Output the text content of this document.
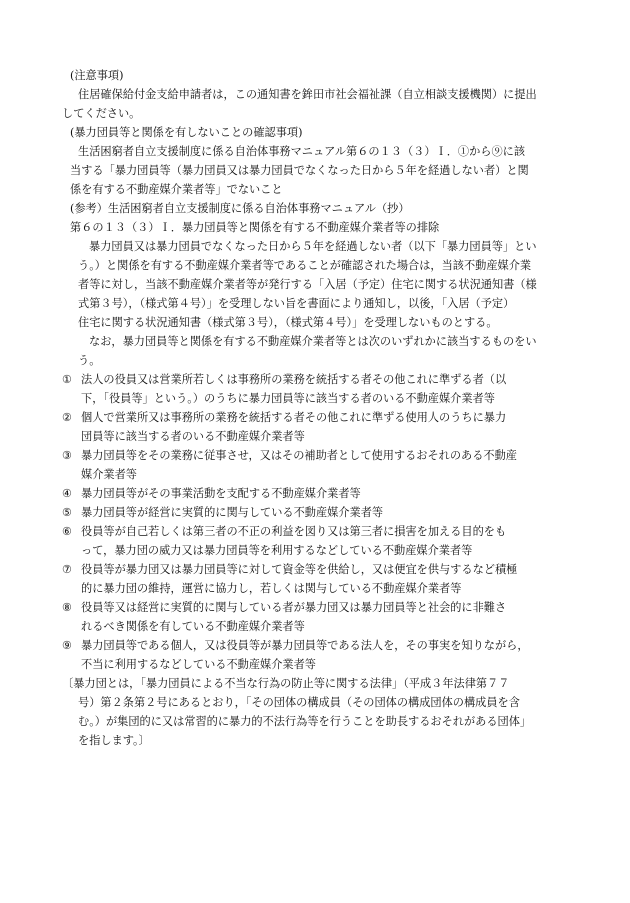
(注意事項)
住居確保給付金支給申請者は，この通知書を鉾田市社会福祉課（自立相談支援機関）に提出
してください。
(暴力団員等と関係を有しないことの確認事項)
生活困窮者自立支援制度に係る自治体事務マニュアル第６の１３（３）Ｉ．①から⑨に該
当する「暴力団員等（暴力団員又は暴力団員でなくなった日から５年を経過しない者）と関
係を有する不動産媒介業者等」でないこと
(参考）生活困窮者自立支援制度に係る自治体事務マニュアル（抄）
第６の１３（３）Ｉ．暴力団員等と関係を有する不動産媒介業者等の排除
暴力団員又は暴力団員でなくなった日から５年を経過しない者（以下「暴力団員等」とい
う。）と関係を有する不動産媒介業者等であることが確認された場合は，当該不動産媒介業
者等に対し，当該不動産媒介業者等が発行する「入居（予定）住宅に関する状況通知書（様
式第３号），（様式第４号）」を受理しない旨を書面により通知し，以後，「入居（予定）
住宅に関する状況通知書（様式第３号），（様式第４号）」を受理しないものとする。
なお，暴力団員等と関係を有する不動産媒介業者等とは次のいずれかに該当するものをい
う。
① 法人の役員又は営業所若しくは事務所の業務を統括する者その他これに準ずる者（以
下，「役員等」という。）のうちに暴力団員等に該当する者のいる不動産媒介業者等
② 個人で営業所又は事務所の業務を統括する者その他これに準ずる使用人のうちに暴力
団員等に該当する者のいる不動産媒介業者等
③ 暴力団員等をその業務に従事させ，又はその補助者として使用するおそれのある不動産
媒介業者等
④ 暴力団員等がその事業活動を支配する不動産媒介業者等
⑤ 暴力団員等が経営に実質的に関与している不動産媒介業者等
⑥ 役員等が自己若しくは第三者の不正の利益を図り又は第三者に損害を加える目的をも
って，暴力団の威力又は暴力団員等を利用するなどしている不動産媒介業者等
⑦ 役員等が暴力団又は暴力団員等に対して資金等を供給し，又は便宜を供与するなど積極
的に暴力団の維持，運営に協力し，若しくは関与している不動産媒介業者等
⑧ 役員等又は経営に実質的に関与している者が暴力団又は暴力団員等と社会的に非難さ
れるべき関係を有している不動産媒介業者等
⑨ 暴力団員等である個人，又は役員等が暴力団員等である法人を，その事実を知りながら，
不当に利用するなどしている不動産媒介業者等
〔暴力団とは，「暴力団員による不当な行為の防止等に関する法律」（平成３年法律第７７
号）第２条第２号にあるとおり，「その団体の構成員（その団体の構成団体の構成員を含
む。）が集団的に又は常習的に暴力的不法行為等を行うことを助長するおそれがある団体」
を指します。〕
